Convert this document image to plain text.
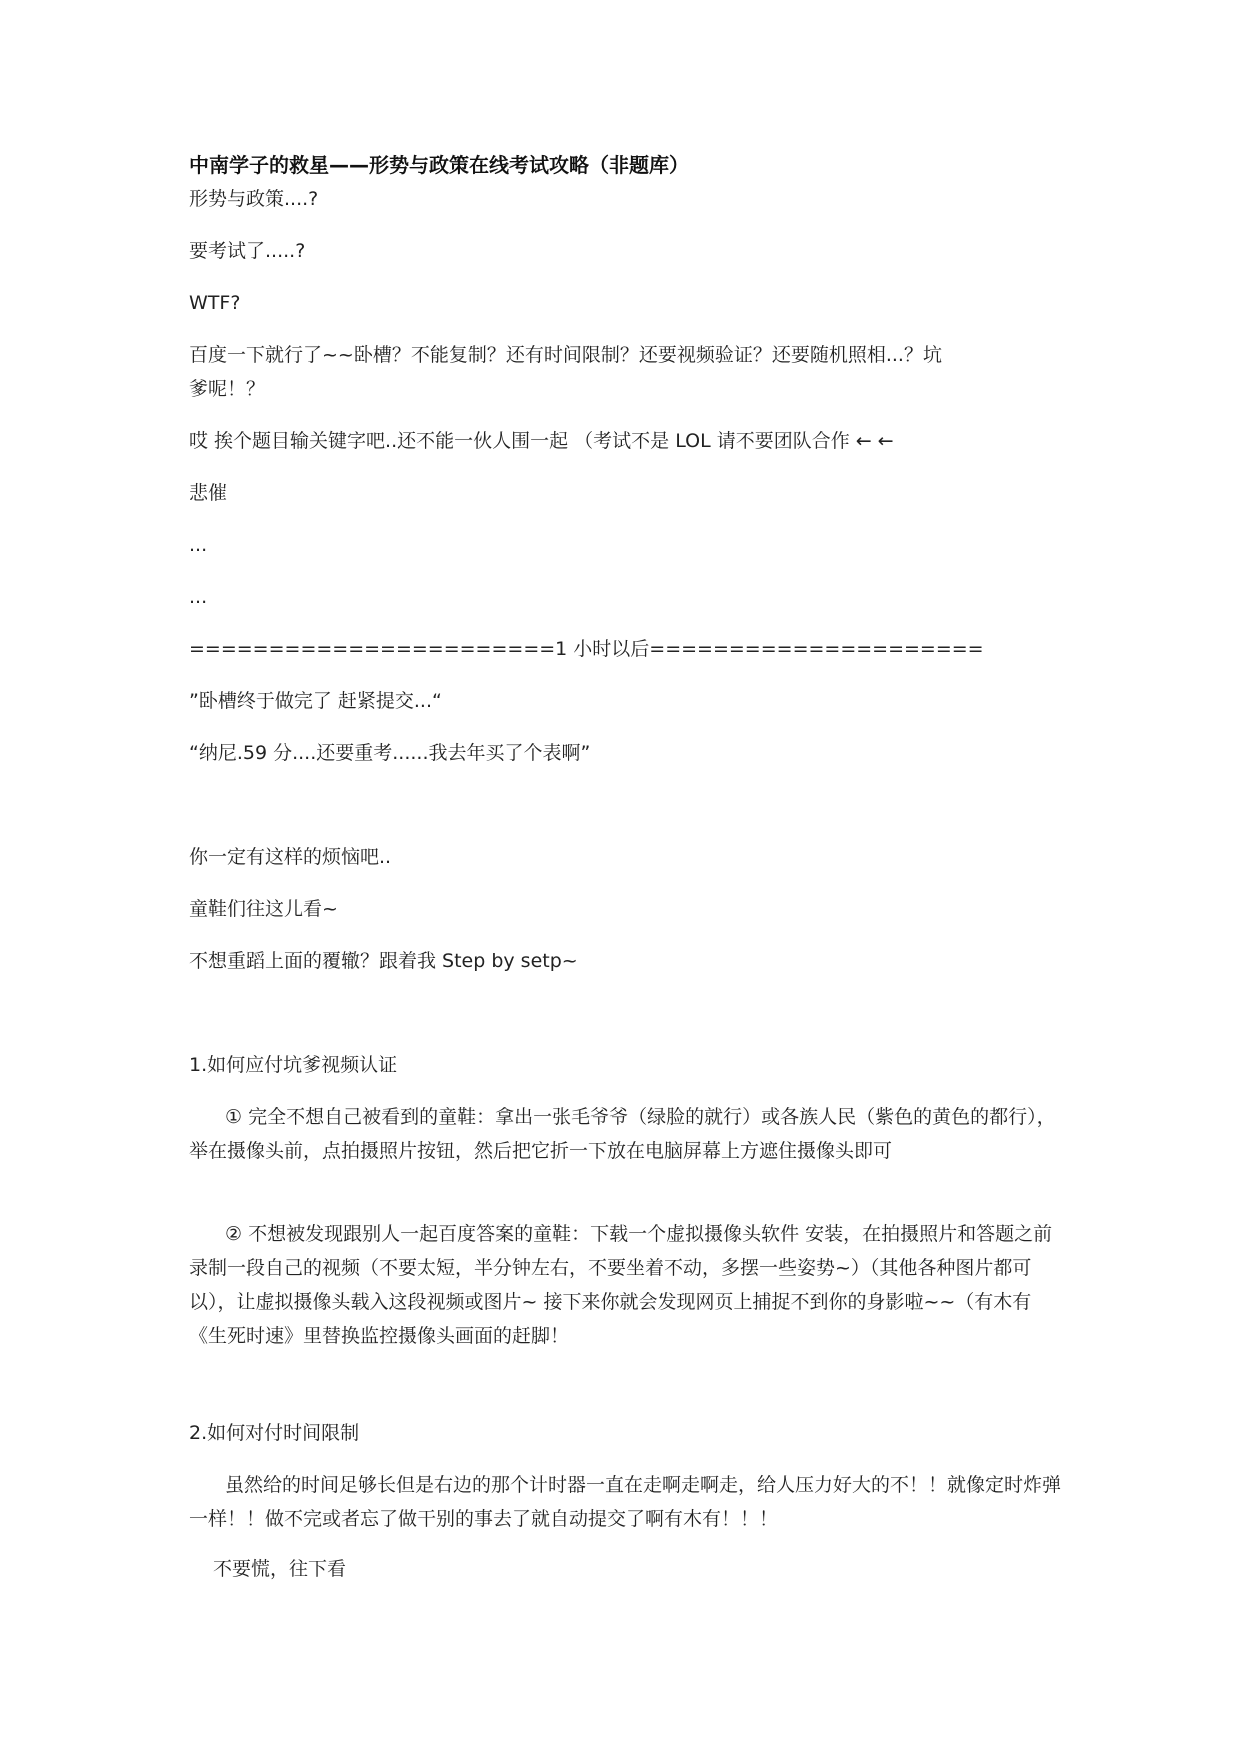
中南学子的救星——形势与政策在线考试攻略（非题库）
形势与政策....?
要考试了.....?
WTF?
百度一下就行了~~卧槽？不能复制？还有时间限制？还要视频验证？还要随机照相...？坑
爹呢！？
哎 挨个题目输关键字吧..还不能一伙人围一起 （考试不是 LOL 请不要团队合作 ← ←
悲催
...
...
=======================1 小时以后=====================
”卧槽终于做完了 赶紧提交...“
“纳尼.59 分....还要重考......我去年买了个表啊”
你一定有这样的烦恼吧..
童鞋们往这儿看~
不想重蹈上面的覆辙？跟着我 Step by setp~
1.如何应付坑爹视频认证

① 完全不想自己被看到的童鞋：拿出一张毛爷爷（绿脸的就行）或各族人民（紫色的黄色的都行），举在摄像头前，点拍摄照片按钮，然后把它折一下放在电脑屏幕上方遮住摄像头即可

② 不想被发现跟别人一起百度答案的童鞋：下载一个虚拟摄像头软件 安装，在拍摄照片和答题之前 录制一段自己的视频（不要太短，半分钟左右，不要坐着不动，多摆一些姿势~）（其他各种图片都可以），让虚拟摄像头载入这段视频或图片~ 接下来你就会发现网页上捕捉不到你的身影啦~~（有木有《生死时速》里替换监控摄像头画面的赶脚！

2.如何对付时间限制

虽然给的时间足够长但是右边的那个计时器一直在走啊走啊走，给人压力好大的不！！就像定时炸弹一样！！做不完或者忘了做干别的事去了就自动提交了啊有木有！！！

不要慌，往下看
